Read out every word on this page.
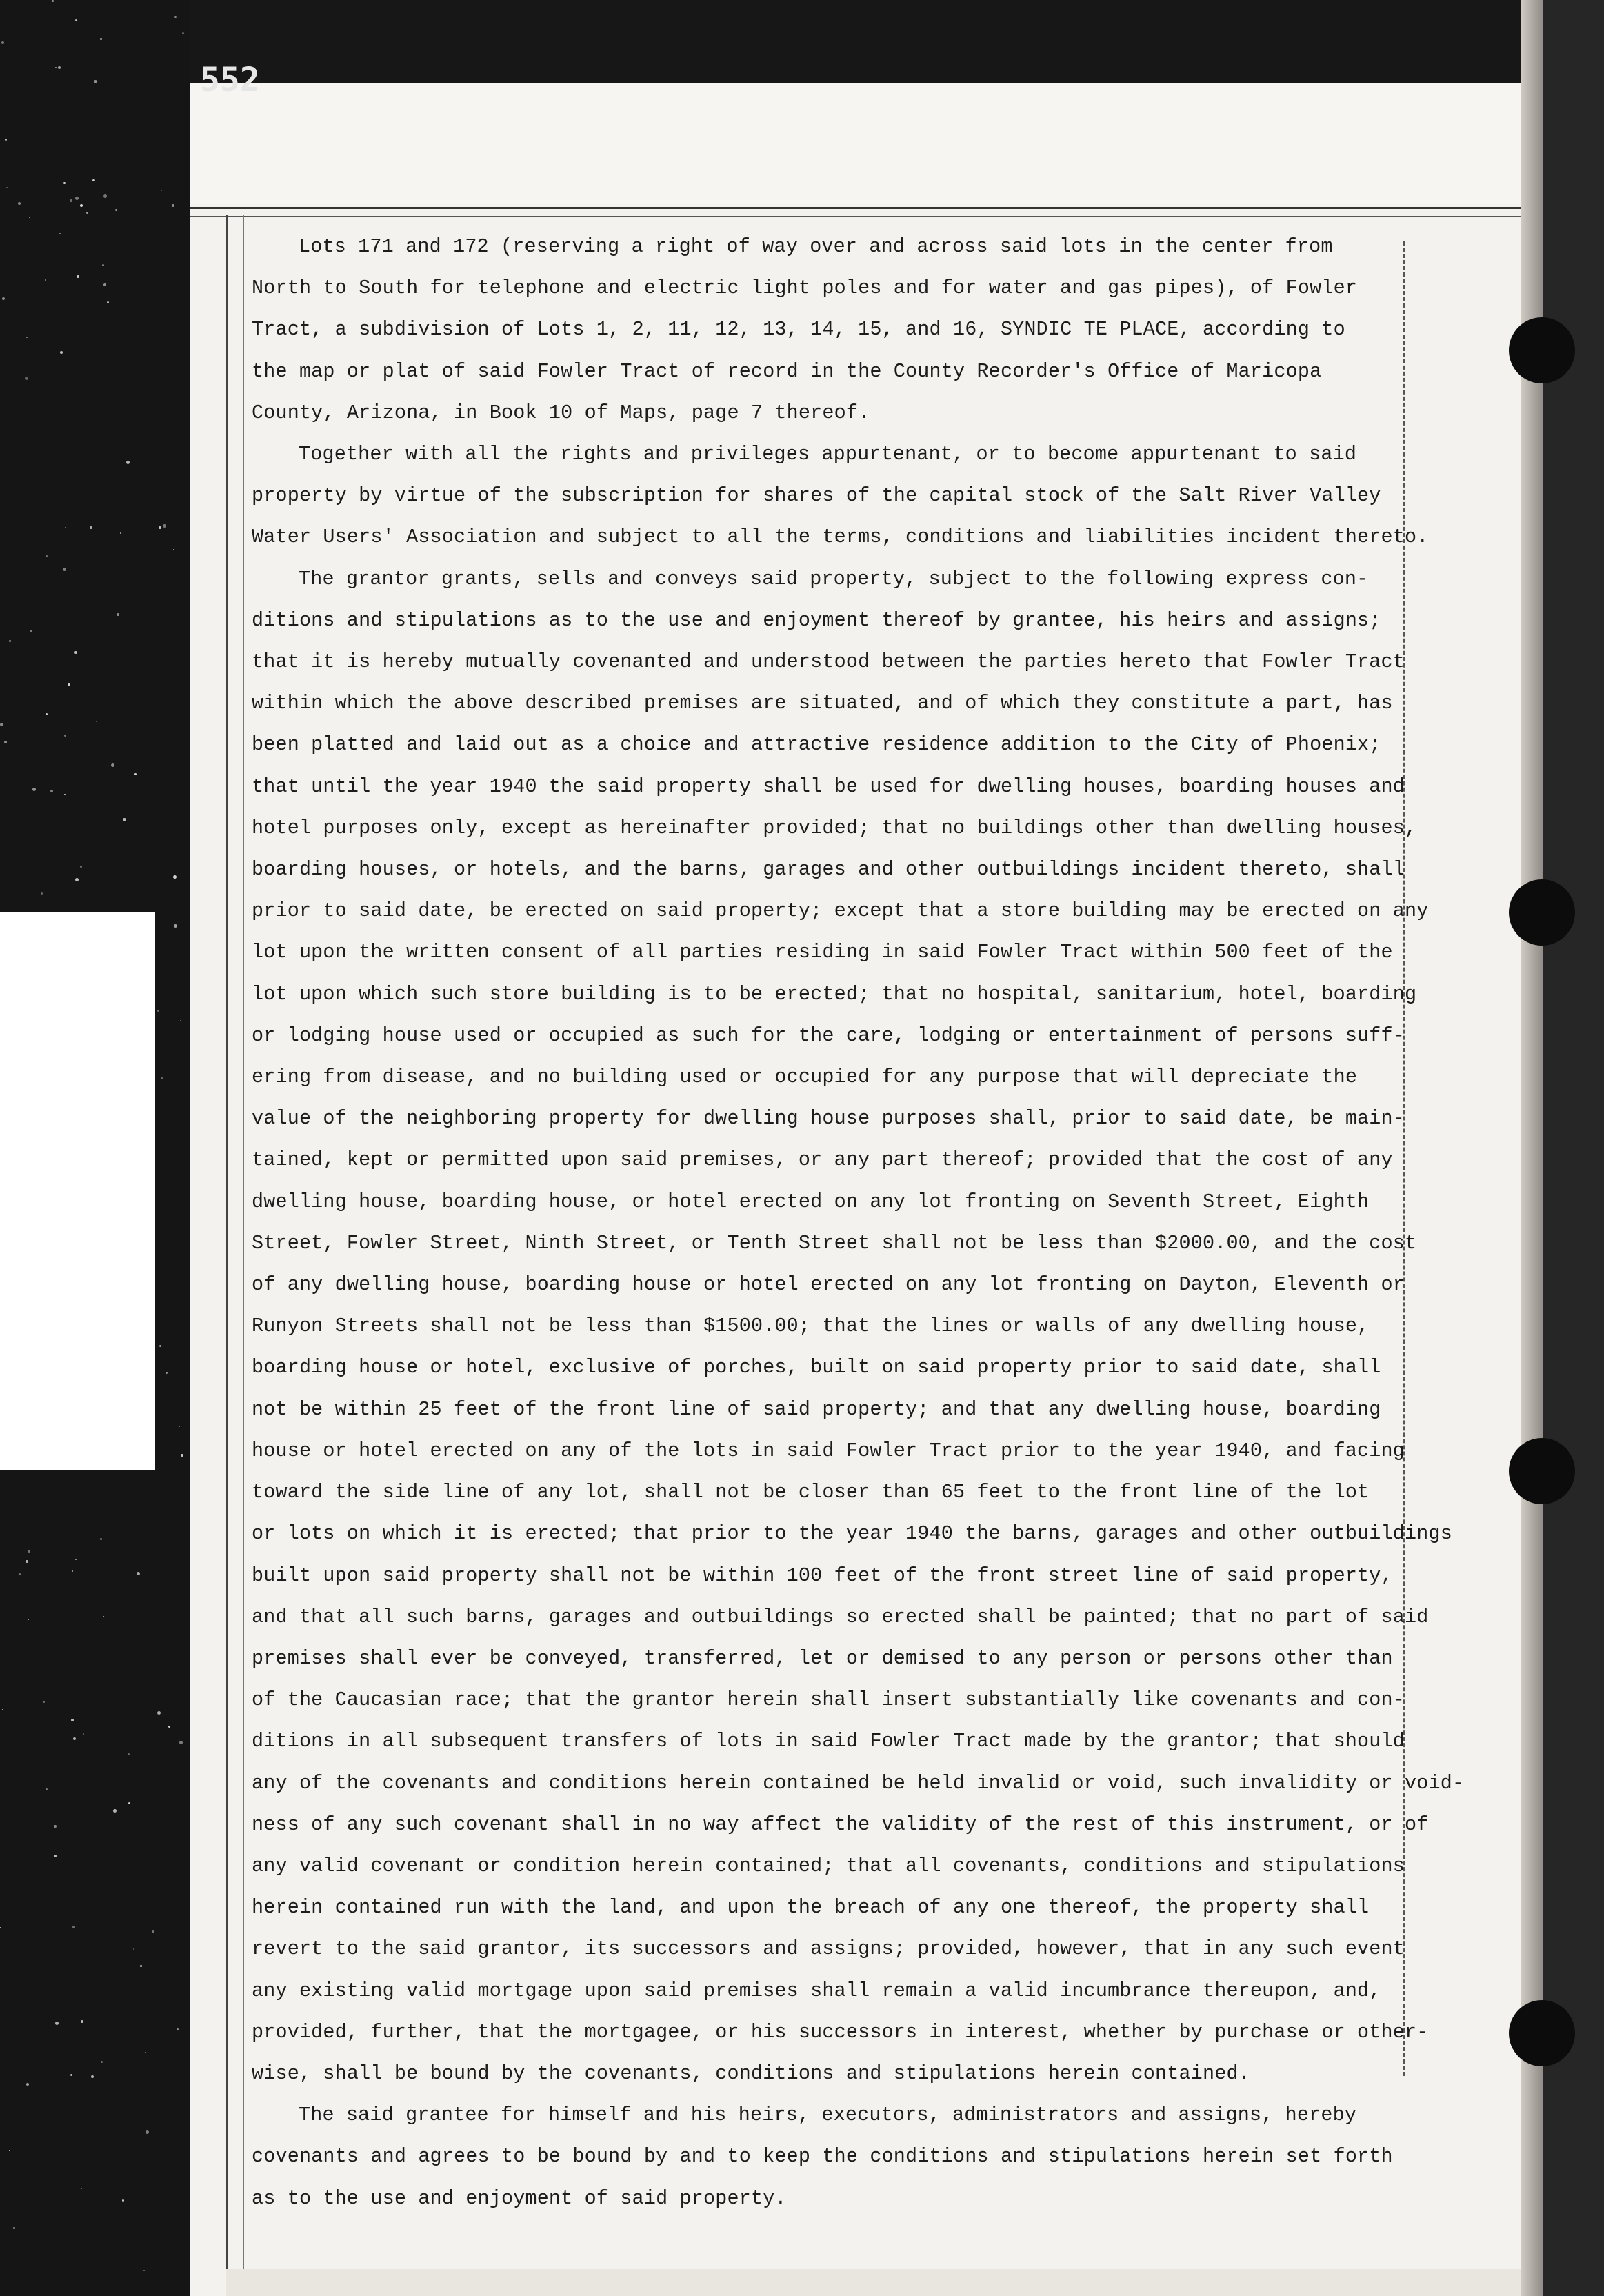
552

Lots 171 and 172 (reserving a right of way over and across said lots in the center from
North to South for telephone and electric light poles and for water and gas pipes), of Fowler
Tract, a subdivision of Lots 1, 2, 11, 12, 13, 14, 15, and 16, SYNDIC TE PLACE, according to
the map or plat of said Fowler Tract of record in the County Recorder's Office of Maricopa
County, Arizona, in Book 10 of Maps, page 7 thereof.

Together with all the rights and privileges appurtenant, or to become appurtenant to said
property by virtue of the subscription for shares of the capital stock of the Salt River Valley
Water Users' Association and subject to all the terms, conditions and liabilities incident thereto.

The grantor grants, sells and conveys said property, subject to the following express con-
ditions and stipulations as to the use and enjoyment thereof by grantee, his heirs and assigns;
that it is hereby mutually covenanted and understood between the parties hereto that Fowler Tract
within which the above described premises are situated, and of which they constitute a part, has
been platted and laid out as a choice and attractive residence addition to the City of Phoenix;
that until the year 1940 the said property shall be used for dwelling houses, boarding houses and
hotel purposes only, except as hereinafter provided; that no buildings other than dwelling houses,
boarding houses, or hotels, and the barns, garages and other outbuildings incident thereto, shall
prior to said date, be erected on said property; except that a store building may be erected on any
lot upon the written consent of all parties residing in said Fowler Tract within 500 feet of the
lot upon which such store building is to be erected; that no hospital, sanitarium, hotel, boarding
or lodging house used or occupied as such for the care, lodging or entertainment of persons suff-
ering from disease, and no building used or occupied for any purpose that will depreciate the
value of the neighboring property for dwelling house purposes shall, prior to said date, be main-
tained, kept or permitted upon said premises, or any part thereof; provided that the cost of any
dwelling house, boarding house, or hotel erected on any lot fronting on Seventh Street, Eighth
Street, Fowler Street, Ninth Street, or Tenth Street shall not be less than $2000.00, and the cost
of any dwelling house, boarding house or hotel erected on any lot fronting on Dayton, Eleventh or
Runyon Streets shall not be less than $1500.00; that the lines or walls of any dwelling house,
boarding house or hotel, exclusive of porches, built on said property prior to said date, shall
not be within 25 feet of the front line of said property; and that any dwelling house, boarding
house or hotel erected on any of the lots in said Fowler Tract prior to the year 1940, and facing
toward the side line of any lot, shall not be closer than 65 feet to the front line of the lot
or lots on which it is erected; that prior to the year 1940 the barns, garages and other outbuildings
built upon said property shall not be within 100 feet of the front street line of said property,
and that all such barns, garages and outbuildings so erected shall be painted; that no part of said
premises shall ever be conveyed, transferred, let or demised to any person or persons other than
of the Caucasian race; that the grantor herein shall insert substantially like covenants and con-
ditions in all subsequent transfers of lots in said Fowler Tract made by the grantor; that should
any of the covenants and conditions herein contained be held invalid or void, such invalidity or void-
ness of any such covenant shall in no way affect the validity of the rest of this instrument, or of
any valid covenant or condition herein contained; that all covenants, conditions and stipulations
herein contained run with the land, and upon the breach of any one thereof, the property shall
revert to the said grantor, its successors and assigns; provided, however, that in any such event
any existing valid mortgage upon said premises shall remain a valid incumbrance thereupon, and,
provided, further, that the mortgagee, or his successors in interest, whether by purchase or other-
wise, shall be bound by the covenants, conditions and stipulations herein contained.

The said grantee for himself and his heirs, executors, administrators and assigns, hereby
covenants and agrees to be bound by and to keep the conditions and stipulations herein set forth
as to the use and enjoyment of said property.
